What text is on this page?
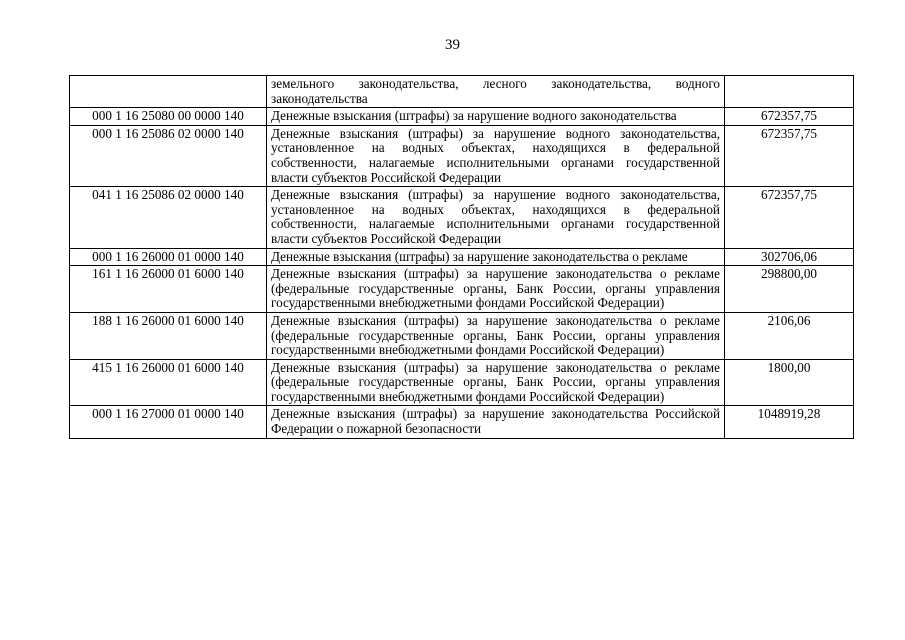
39
	земельного законодательства, лесного законодательства, водного законодательства	
000 1 16 25080 00 0000 140	Денежные взыскания (штрафы) за нарушение водного законодательства	672357,75
000 1 16 25086 02 0000 140	Денежные взыскания (штрафы) за нарушение водного законодательства, установленное на водных объектах, находящихся в федеральной собственности, налагаемые исполнительными органами государственной власти субъектов Российской Федерации	672357,75
041 1 16 25086 02 0000 140	Денежные взыскания (штрафы) за нарушение водного законодательства, установленное на водных объектах, находящихся в федеральной собственности, налагаемые исполнительными органами государственной власти субъектов Российской Федерации	672357,75
000 1 16 26000 01 0000 140	Денежные взыскания (штрафы) за нарушение законодательства о рекламе	302706,06
161 1 16 26000 01 6000 140	Денежные взыскания (штрафы) за нарушение законодательства о рекламе (федеральные государственные органы, Банк России, органы управления государственными внебюджетными фондами Российской Федерации)	298800,00
188 1 16 26000 01 6000 140	Денежные взыскания (штрафы) за нарушение законодательства о рекламе (федеральные государственные органы, Банк России, органы управления государственными внебюджетными фондами Российской Федерации)	2106,06
415 1 16 26000 01 6000 140	Денежные взыскания (штрафы) за нарушение законодательства о рекламе (федеральные государственные органы, Банк России, органы управления государственными внебюджетными фондами Российской Федерации)	1800,00
000 1 16 27000 01 0000 140	Денежные взыскания (штрафы) за нарушение законодательства Российской Федерации о пожарной безопасности	1048919,28
